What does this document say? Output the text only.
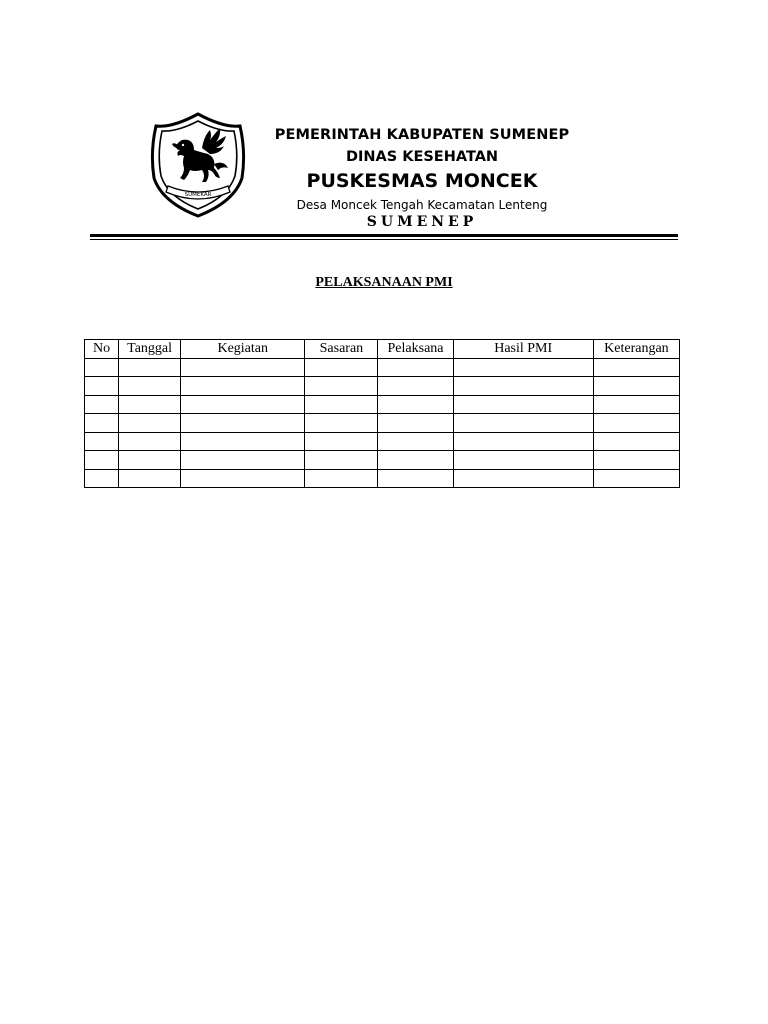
SUMEKAR
PEMERINTAH KABUPATEN SUMENEP
DINAS KESEHATAN
PUSKESMAS MONCEK
Desa Moncek Tengah Kecamatan Lenteng
SUMENEP
PELAKSANAAN PMI
No	Tanggal	Kegiatan	Sasaran	Pelaksana	Hasil PMI	Keterangan
